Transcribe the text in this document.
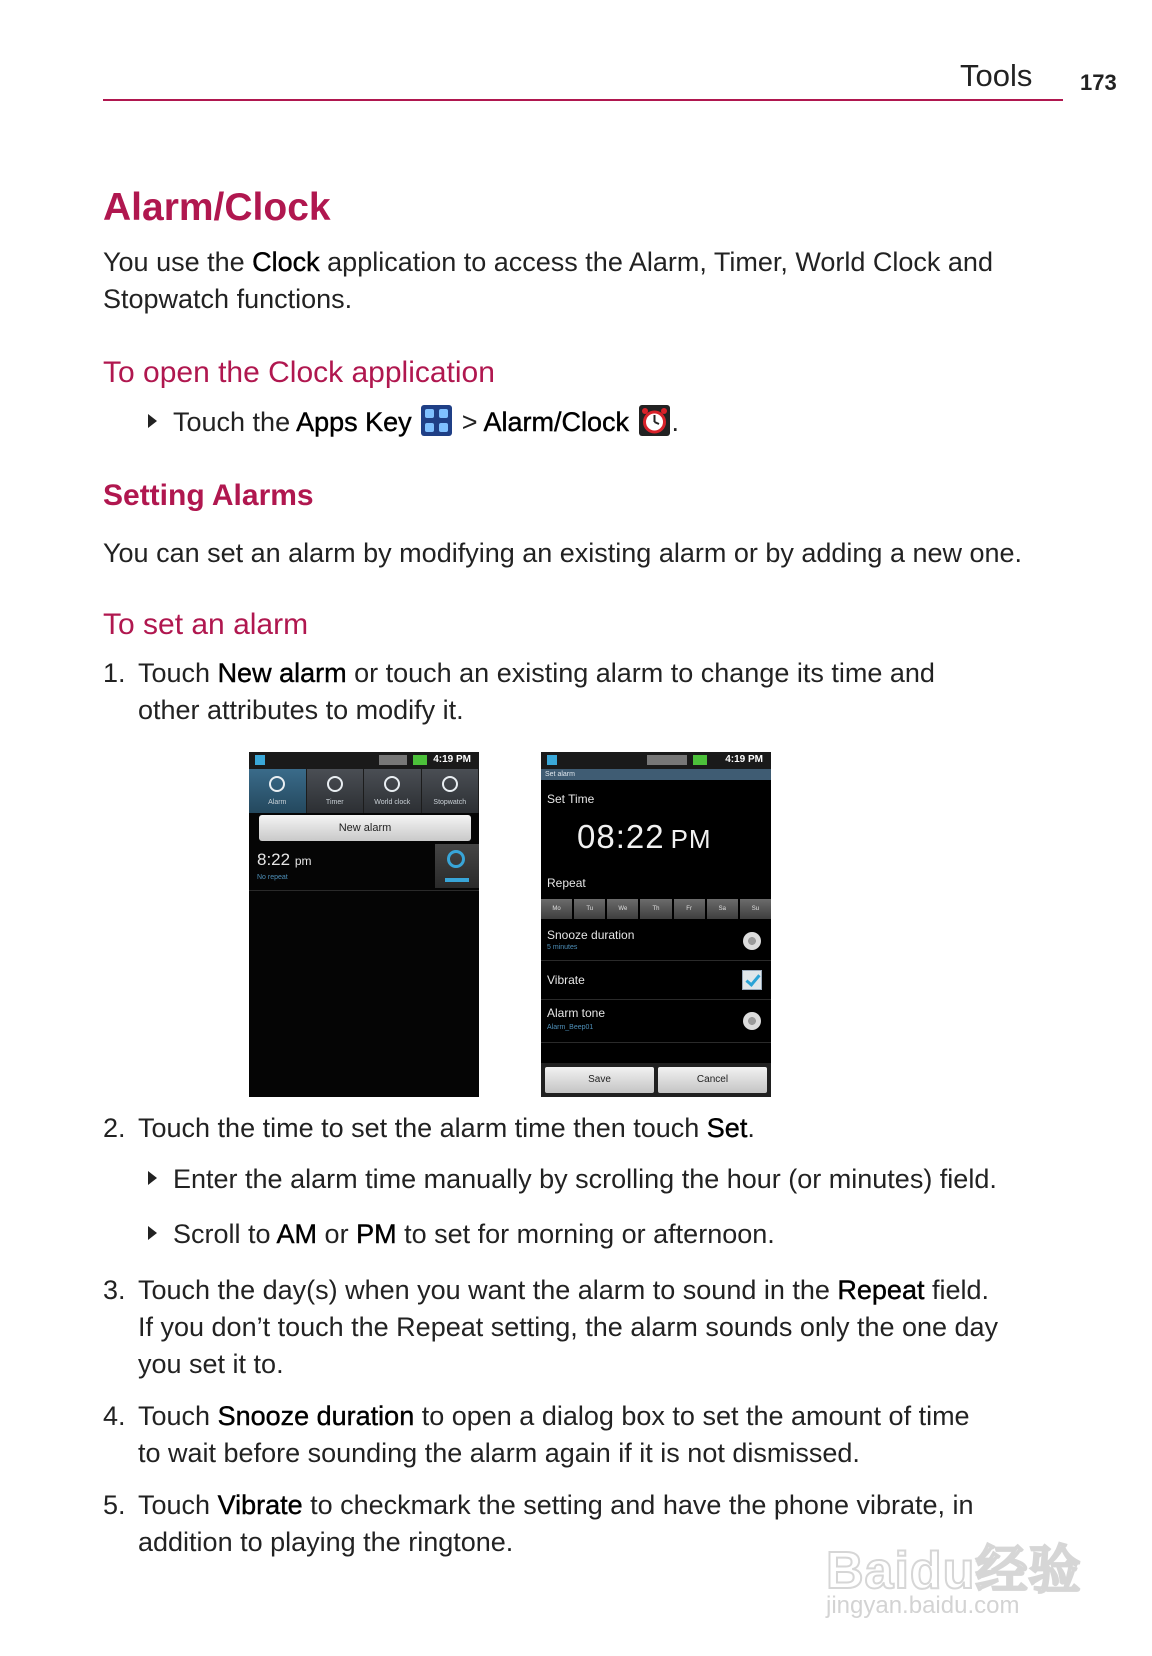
Tools 173
Alarm/Clock
You use the Clock application to access the Alarm, Timer, World Clock and
Stopwatch functions.
To open the Clock application
Touch the Apps Key  > Alarm/Clock .
Setting Alarms
You can set an alarm by modifying an existing alarm or by adding a new one.
To set an alarm
1. Touch New alarm or touch an existing alarm to change its time and
other attributes to modify it.
4:19 PM
Alarm	Timer	World clock	Stopwatch
New alarm
8:22 pm
No repeat
4:19 PM
Set alarm
Set Time
08:22 PM
Repeat
Mo	Tu	We	Th	Fr	Sa	Su
Snooze duration
5 minutes
Vibrate
Alarm tone
Alarm_Beep01
Save	Cancel
2. Touch the time to set the alarm time then touch Set.
Enter the alarm time manually by scrolling the hour (or minutes) field.
Scroll to AM or PM to set for morning or afternoon.
3. Touch the day(s) when you want the alarm to sound in the Repeat field.
If you don’t touch the Repeat setting, the alarm sounds only the one day
you set it to.
4. Touch Snooze duration to open a dialog box to set the amount of time
to wait before sounding the alarm again if it is not dismissed.
5. Touch Vibrate to checkmark the setting and have the phone vibrate, in
addition to playing the ringtone.	Baidu经验
jingyan.baidu.com
